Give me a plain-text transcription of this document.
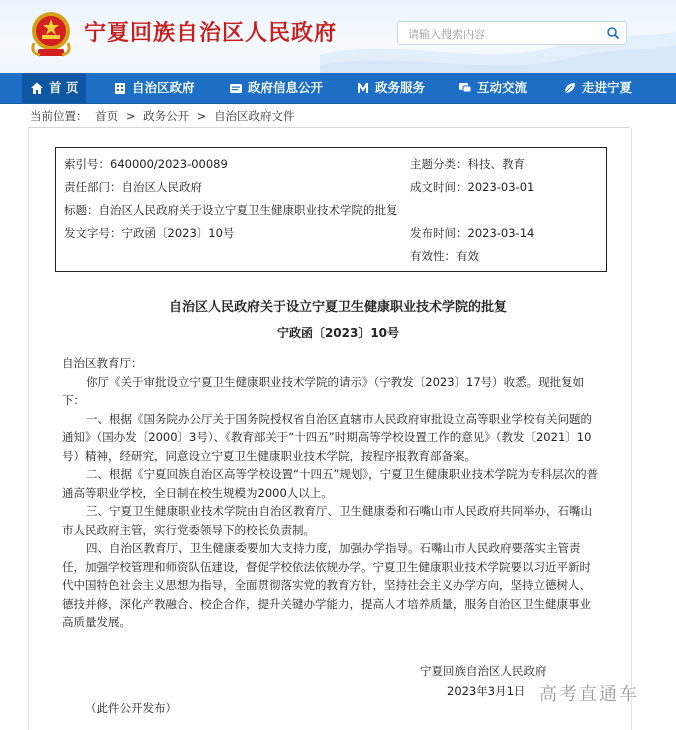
宁夏回族自治区人民政府
请输入搜索内容
首 页	自治区政府	政府信息公开	政务服务	互动交流	走进宁夏
当前位置： 首页 > 政务公开 > 自治区政府文件
索引号：640000/2023-00089	主题分类：科技、教育
责任部门：自治区人民政府	成文时间：2023-03-01
标题：自治区人民政府关于设立宁夏卫生健康职业技术学院的批复
发文字号：宁政函〔2023〕10号	发布时间：2023-03-14
有效性：有效
自治区人民政府关于设立宁夏卫生健康职业技术学院的批复
宁政函〔2023〕10号

自治区教育厅：

你厅《关于审批设立宁夏卫生健康职业技术学院的请示》（宁教发〔2023〕17号）收悉。现批复如下：

一、根据《国务院办公厅关于国务院授权省自治区直辖市人民政府审批设立高等职业学校有关问题的通知》（国办发〔2000〕3号）、《教育部关于“十四五”时期高等学校设置工作的意见》（教发〔2021〕10号）精神，经研究，同意设立宁夏卫生健康职业技术学院，按程序报教育部备案。

二、根据《宁夏回族自治区高等学校设置“十四五”规划》，宁夏卫生健康职业技术学院为专科层次的普通高等职业学校，全日制在校生规模为2000人以上。

三、宁夏卫生健康职业技术学院由自治区教育厅、卫生健康委和石嘴山市人民政府共同举办，石嘴山市人民政府主管，实行党委领导下的校长负责制。

四、自治区教育厅、卫生健康委要加大支持力度，加强办学指导。石嘴山市人民政府要落实主管责任，加强学校管理和师资队伍建设，督促学校依法依规办学。宁夏卫生健康职业技术学院要以习近平新时代中国特色社会主义思想为指导，全面贯彻落实党的教育方针，坚持社会主义办学方向，坚持立德树人、德技并修，深化产教融合、校企合作，提升关键办学能力，提高人才培养质量，服务自治区卫生健康事业高质量发展。

宁夏回族自治区人民政府
2023年3月1日
（此件公开发布）
高考直通车
